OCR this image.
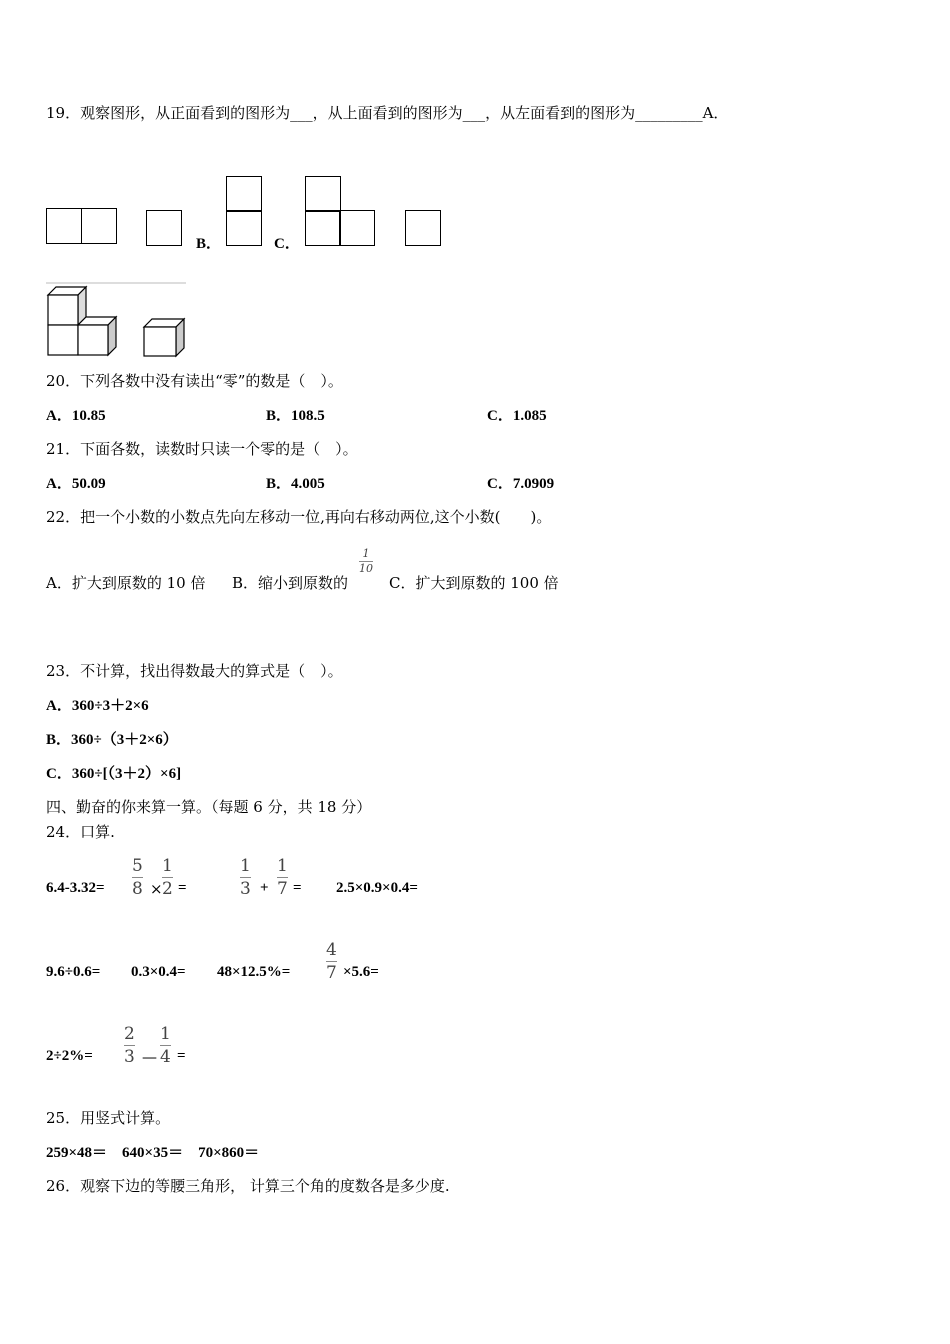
19．观察图形，从正面看到的图形为___，从上面看到的图形为___，从左面看到的图形为_________A．
B．	C．
20．下列各数中没有读出“零”的数是（　）。
A．10.85	B．108.5	C．1.085
21．下面各数，读数时只读一个零的是（　）。
A．50.09	B．4.005	C．7.0909
22．把一个小数的小数点先向左移动一位,再向右移动两位,这个小数(　　)。
A．扩大到原数的 10 倍 B．缩小到原数的
1
10
C．扩大到原数的 100 倍
23．不计算，找出得数最大的算式是（　）。
A．360÷3＋2×6
B．360÷（3＋2×6）
C．360÷[（3＋2）×6]
四、勤奋的你来算一算。（每题 6 分，共 18 分）
24．口算.
6.4-3.32=
5
8 ×
1
2 =
1
3 +
1
7 = 2.5×0.9×0.4=
9.6÷0.6= 0.3×0.4= 48×12.5%=
4
7 ×5.6=
2÷2%=
2
3 —
1
4 =
25．用竖式计算。
259×48＝　640×35＝　70×860＝
26．观察下边的等腰三角形， 计算三个角的度数各是多少度.
